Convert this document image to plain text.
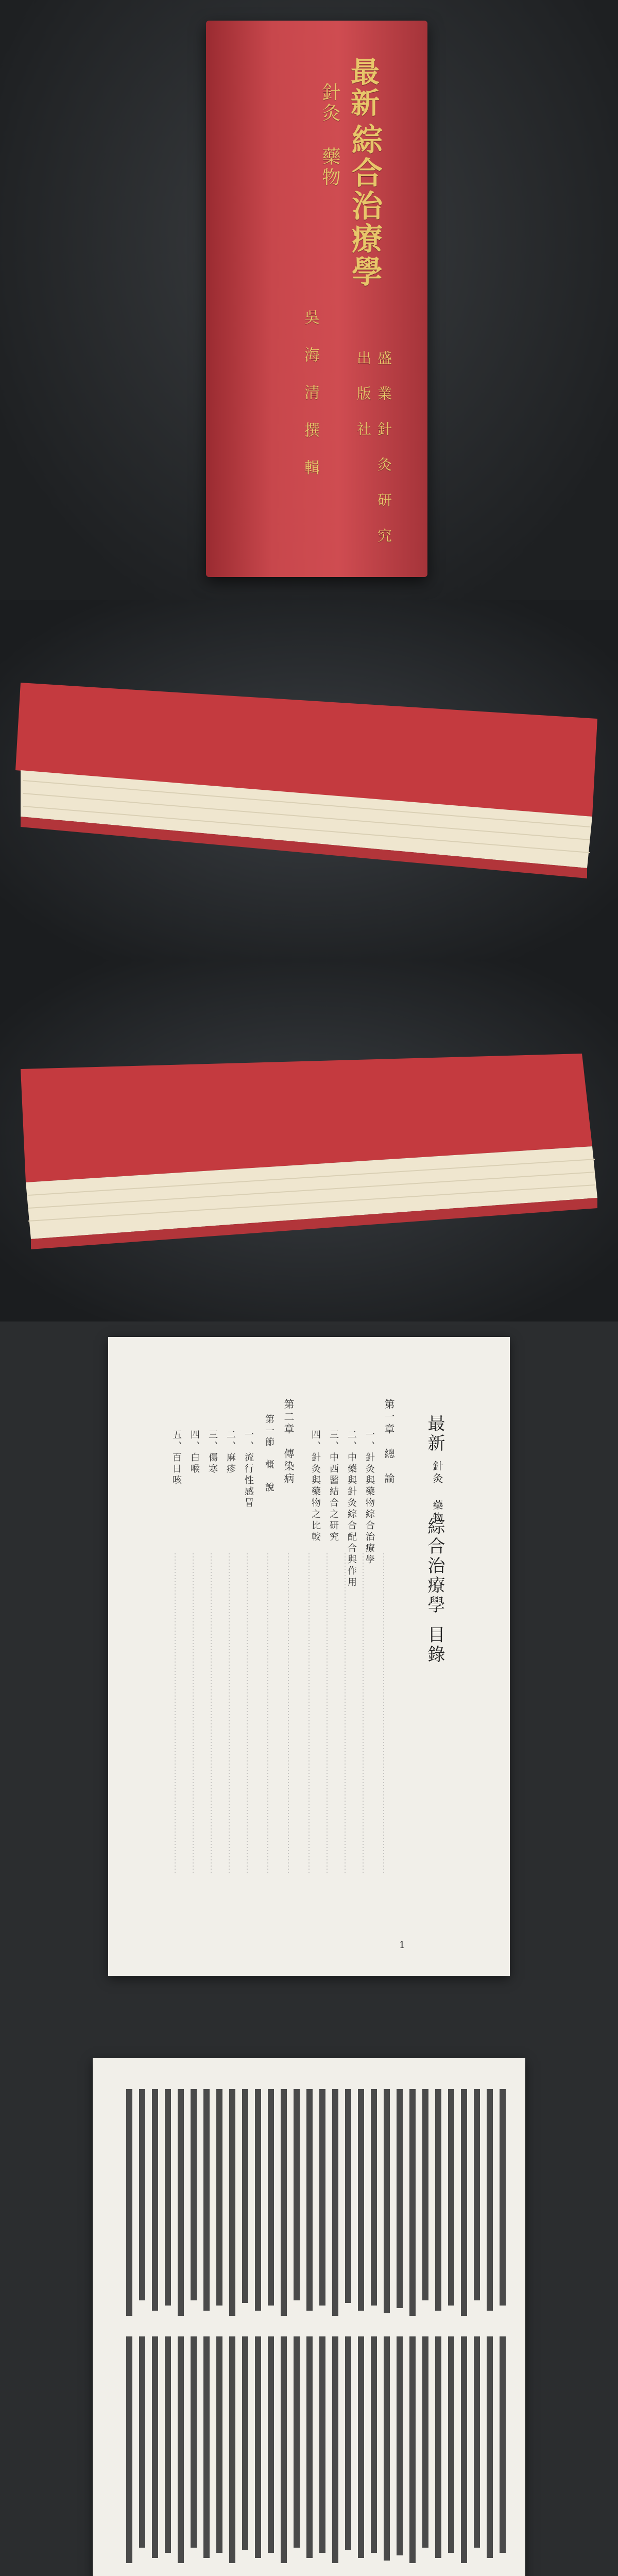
針灸 藥物 最新
綜合治療學
吳 海 清 撰 輯	盛 業 針 灸 研 究 出 版 社
最新
針灸 藥物
綜合治療學
目錄
第一章　總　論
一、針灸與藥物綜合治療學
二、中藥與針灸綜合配合與作用
三、中西醫結合之研究
四、針灸與藥物之比較
第二章　傳染病
第一節　概　說
一、流行性感冒
二、麻疹
三、傷寒
四、白喉
五、百日咳
1
